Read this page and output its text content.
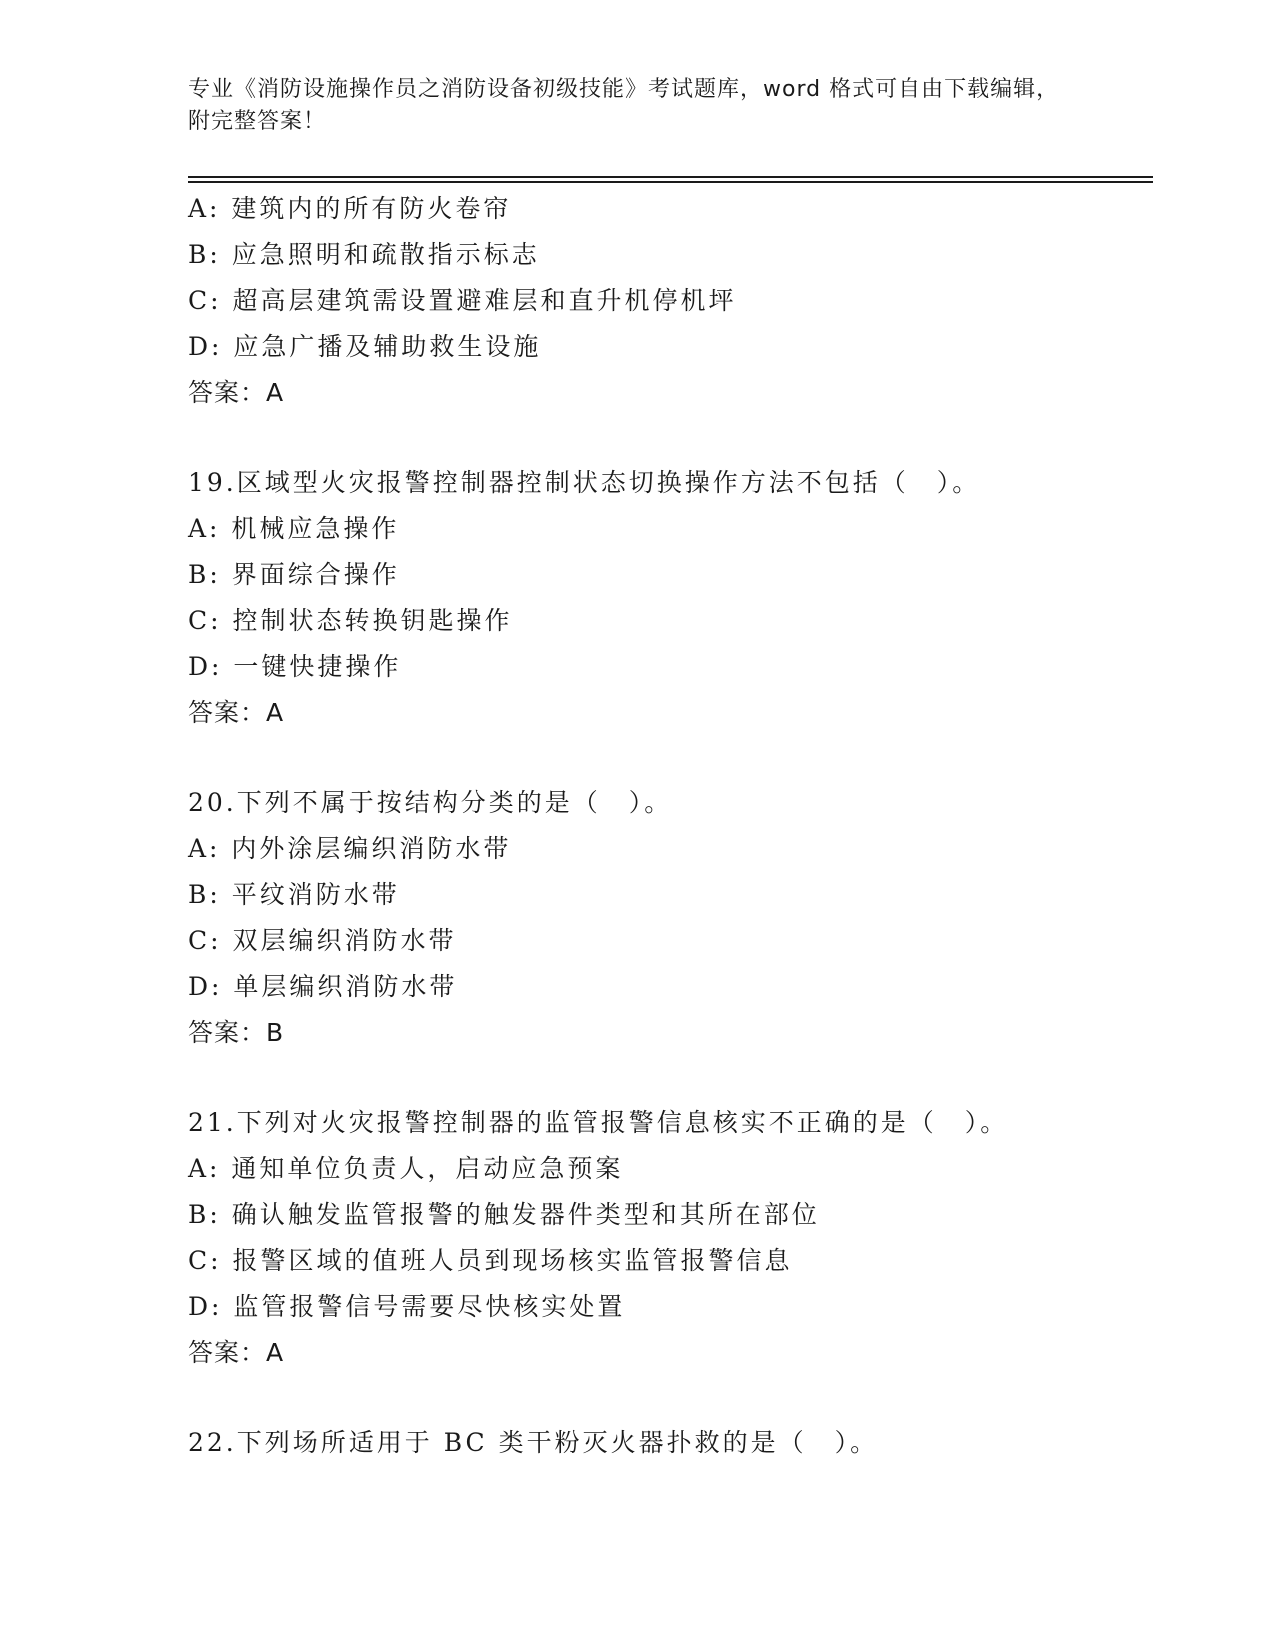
专业《消防设施操作员之消防设备初级技能》考试题库，word 格式可自由下载编辑，附完整答案！
A: 建筑内的所有防火卷帘
B: 应急照明和疏散指示标志
C: 超高层建筑需设置避难层和直升机停机坪
D: 应急广播及辅助救生设施
答案：A
19.区域型火灾报警控制器控制状态切换操作方法不包括（　）。
A: 机械应急操作
B: 界面综合操作
C: 控制状态转换钥匙操作
D: 一键快捷操作
答案：A
20.下列不属于按结构分类的是（　）。
A: 内外涂层编织消防水带
B: 平纹消防水带
C: 双层编织消防水带
D: 单层编织消防水带
答案：B
21.下列对火灾报警控制器的监管报警信息核实不正确的是（　）。
A: 通知单位负责人，启动应急预案
B: 确认触发监管报警的触发器件类型和其所在部位
C: 报警区域的值班人员到现场核实监管报警信息
D: 监管报警信号需要尽快核实处置
答案：A
22.下列场所适用于 BC 类干粉灭火器扑救的是（　）。
